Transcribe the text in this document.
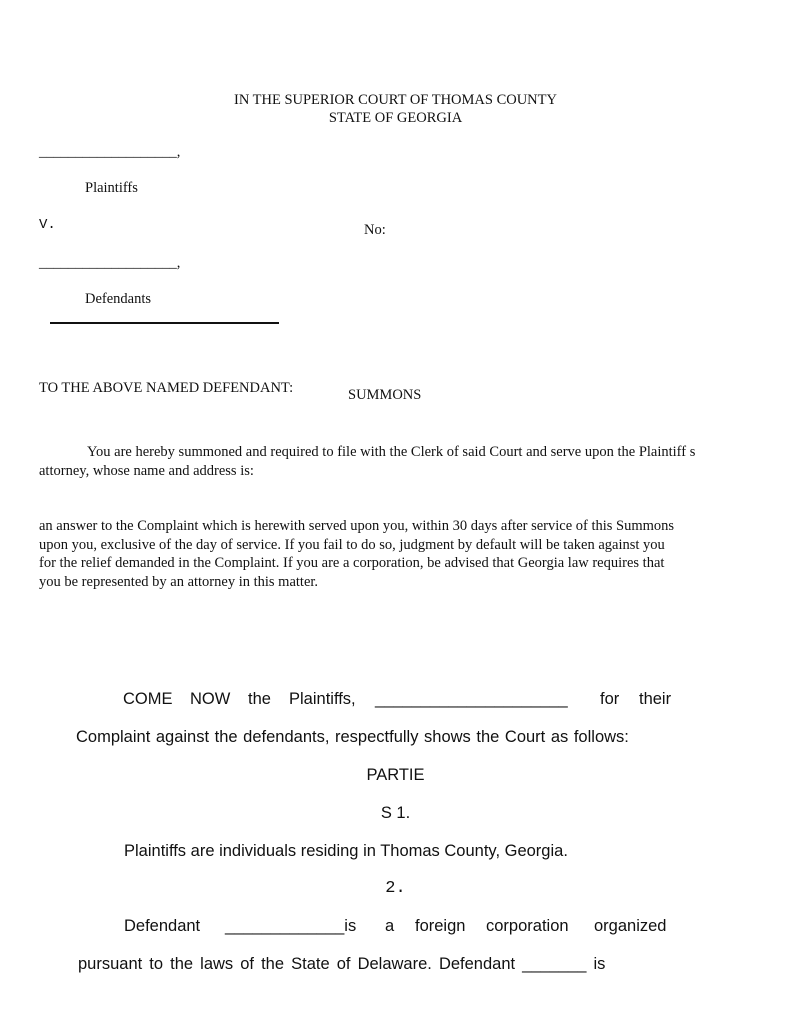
IN THE SUPERIOR COURT OF THOMAS COUNTY
STATE OF GEORGIA
___________________,
Plaintiffs
V.	No:
___________________,
Defendants
TO THE ABOVE NAMED DEFENDANT:	SUMMONS
You are hereby summoned and required to file with the Clerk of said Court and serve upon the Plaintiff s
attorney, whose name and address is:
an answer to the Complaint which is herewith served upon you, within 30 days after service of this Summons
upon you, exclusive of the day of service. If you fail to do so, judgment by default will be taken against you
for the relief demanded in the Complaint. If you are a corporation, be advised that Georgia law requires that
you be represented by an attorney in this matter.
COME NOW the Plaintiffs, _____________________ for their
Complaint against the defendants, respectfully shows the Court as follows:
PARTIE
S 1.
Plaintiffs are individuals residing in Thomas County, Georgia.
2.
Defendant _____________is a foreign corporation organized
pursuant to the laws of the State of Delaware. Defendant _______ is
